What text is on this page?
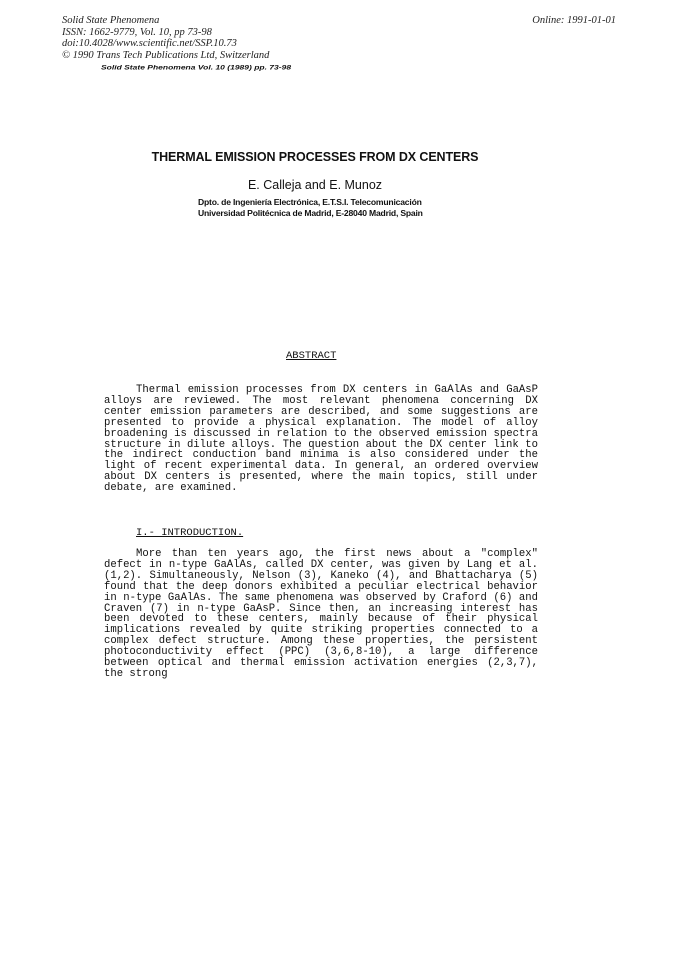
Solid State Phenomena
ISSN: 1662-9779, Vol. 10, pp 73-98
doi:10.4028/www.scientific.net/SSP.10.73
© 1990 Trans Tech Publications Ltd, Switzerland
Online: 1991-01-01
Solid State Phenomena Vol. 10 (1989) pp. 73-98
THERMAL EMISSION PROCESSES FROM DX CENTERS
E. Calleja and E. Munoz
Dpto. de Ingeniería Electrónica, E.T.S.I. Telecomunicación
Universidad Politécnica de Madrid, E-28040 Madrid, Spain
ABSTRACT

Thermal emission processes from DX centers in GaAlAs and GaAsP alloys are reviewed. The most relevant phenomena concerning DX center emission parameters are described, and some suggestions are presented to provide a physical explanation. The model of alloy broadening is discussed in relation to the observed emission spectra structure in dilute alloys. The question about the DX center link to the indirect conduction band minima is also considered under the light of recent experimental data. In general, an ordered overview about DX centers is presented, where the main topics, still under debate, are examined.

I.- INTRODUCTION.

More than ten years ago, the first news about a "complex" defect in n-type GaAlAs, called DX center, was given by Lang et al. (1,2). Simultaneously, Nelson (3), Kaneko (4), and Bhattacharya (5) found that the deep donors exhibited a peculiar electrical behavior in n-type GaAlAs. The same phenomena was observed by Craford (6) and Craven (7) in n-type GaAsP. Since then, an increasing interest has been devoted to these centers, mainly because of their physical implications revealed by quite striking properties connected to a complex defect structure. Among these properties, the persistent photoconductivity effect (PPC) (3,6,8-10), a large difference between optical and thermal emission activation energies (2,3,7), the strong
